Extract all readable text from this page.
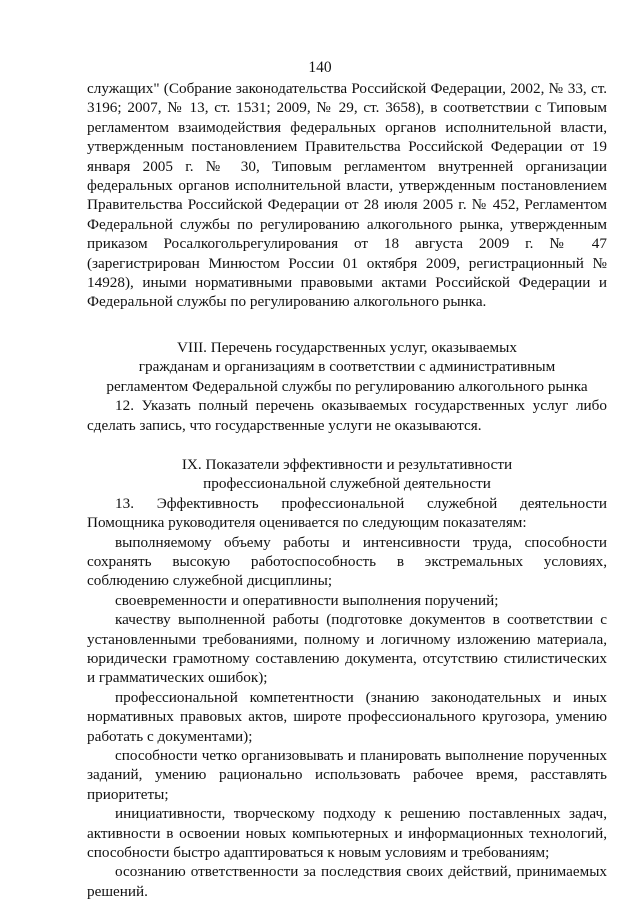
140

служащих" (Собрание законодательства Российской Федерации, 2002, № 33, ст. 3196; 2007, № 13, ст. 1531; 2009, № 29, ст. 3658), в соответствии с Типовым регламентом взаимодействия федеральных органов исполнительной власти, утвержденным постановлением Правительства Российской Федерации от 19 января 2005 г. № 30, Типовым регламентом внутренней организации федеральных органов исполнительной власти, утвержденным постановлением Правительства Российской Федерации от 28 июля 2005 г. № 452, Регламентом Федеральной службы по регулированию алкогольного рынка, утвержденным приказом Росалкогольрегулирования от 18 августа 2009 г. № 47 (зарегистрирован Минюстом России 01 октября 2009, регистрационный № 14928), иными нормативными правовыми актами Российской Федерации и Федеральной службы по регулированию алкогольного рынка.

VIII. Перечень государственных услуг, оказываемых
гражданам и организациям в соответствии с административным
регламентом Федеральной службы по регулированию алкогольного рынка

12. Указать полный перечень оказываемых государственных услуг либо сделать запись, что государственные услуги не оказываются.

IX. Показатели эффективности и результативности
профессиональной служебной деятельности

13. Эффективность профессиональной служебной деятельности Помощника руководителя оценивается по следующим показателям:

выполняемому объему работы и интенсивности труда, способности сохранять высокую работоспособность в экстремальных условиях, соблюдению служебной дисциплины;

своевременности и оперативности выполнения поручений;

качеству выполненной работы (подготовке документов в соответствии с установленными требованиями, полному и логичному изложению материала, юридически грамотному составлению документа, отсутствию стилистических и грамматических ошибок);

профессиональной компетентности (знанию законодательных и иных нормативных правовых актов, широте профессионального кругозора, умению работать с документами);

способности четко организовывать и планировать выполнение порученных заданий, умению рационально использовать рабочее время, расставлять приоритеты;

инициативности, творческому подходу к решению поставленных задач, активности в освоении новых компьютерных и информационных технологий, способности быстро адаптироваться к новым условиям и требованиям;

осознанию ответственности за последствия своих действий, принимаемых решений.
